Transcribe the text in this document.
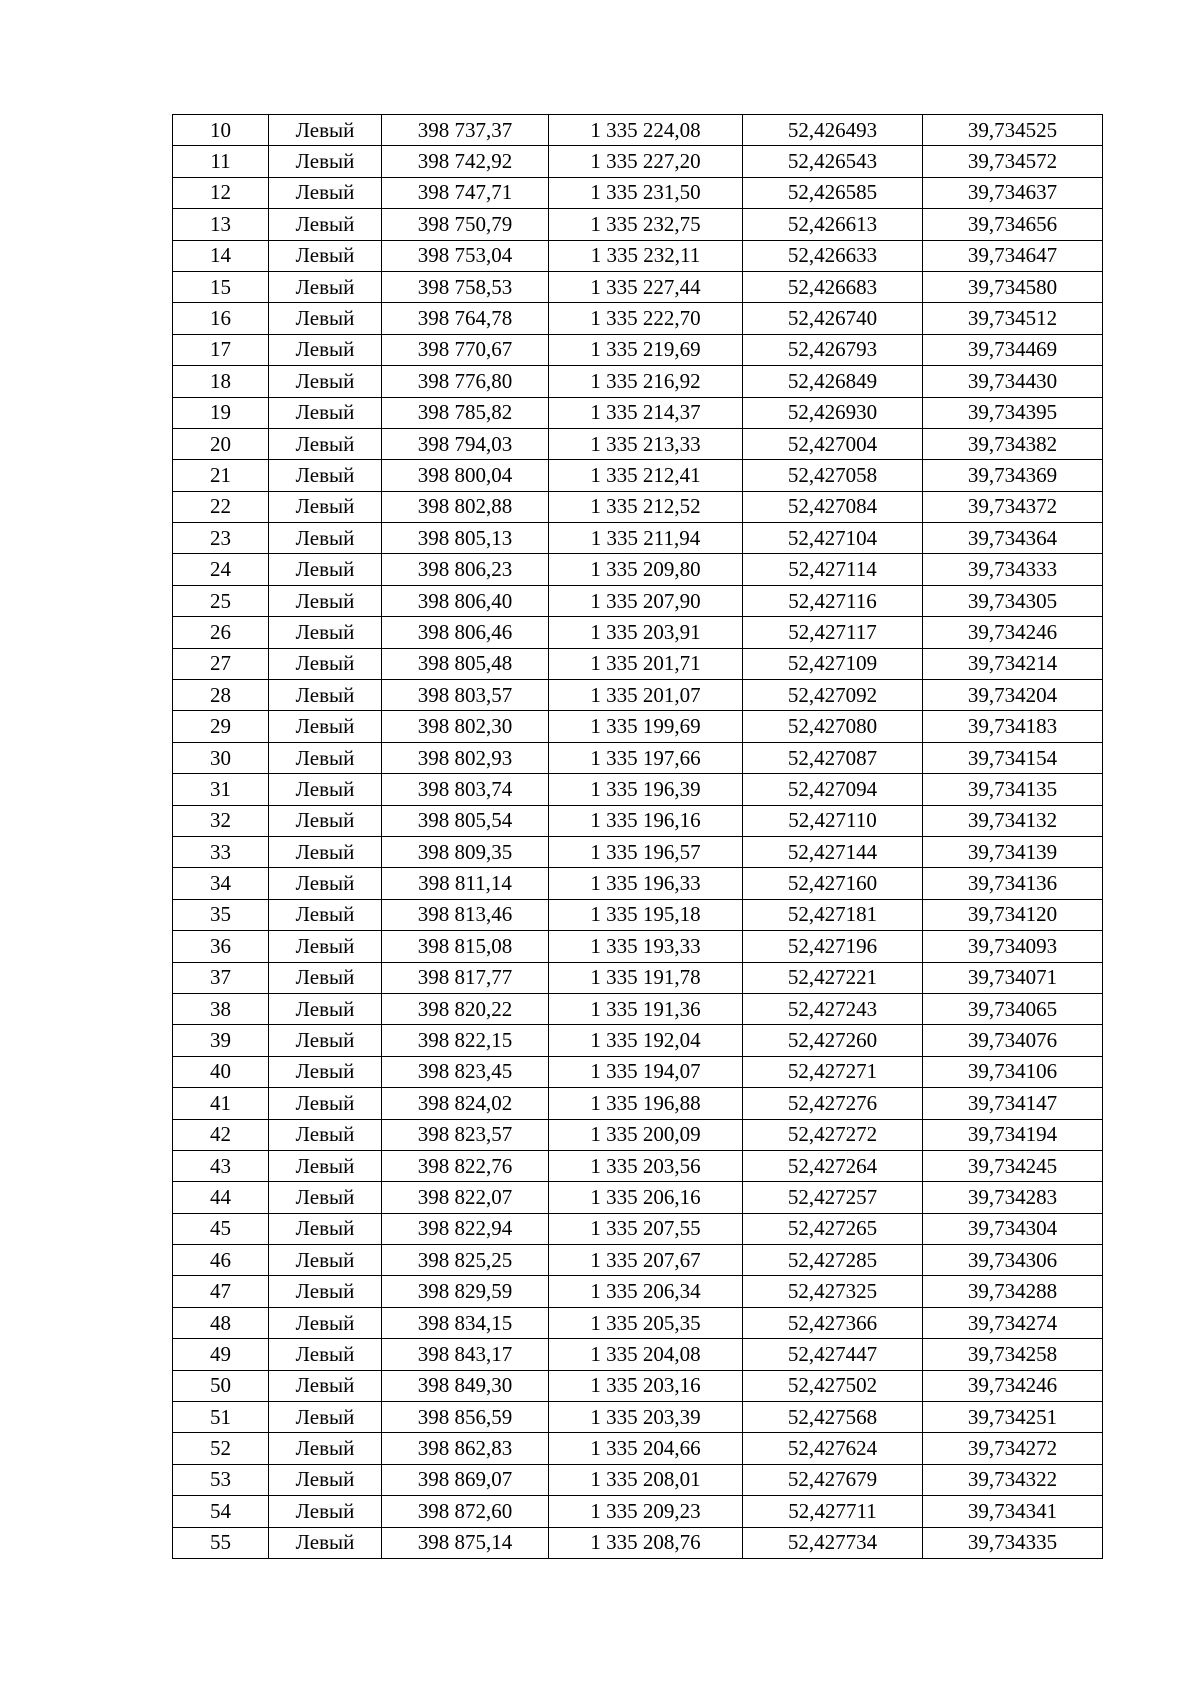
10	Левый	398 737,37	1 335 224,08	52,426493	39,734525
11	Левый	398 742,92	1 335 227,20	52,426543	39,734572
12	Левый	398 747,71	1 335 231,50	52,426585	39,734637
13	Левый	398 750,79	1 335 232,75	52,426613	39,734656
14	Левый	398 753,04	1 335 232,11	52,426633	39,734647
15	Левый	398 758,53	1 335 227,44	52,426683	39,734580
16	Левый	398 764,78	1 335 222,70	52,426740	39,734512
17	Левый	398 770,67	1 335 219,69	52,426793	39,734469
18	Левый	398 776,80	1 335 216,92	52,426849	39,734430
19	Левый	398 785,82	1 335 214,37	52,426930	39,734395
20	Левый	398 794,03	1 335 213,33	52,427004	39,734382
21	Левый	398 800,04	1 335 212,41	52,427058	39,734369
22	Левый	398 802,88	1 335 212,52	52,427084	39,734372
23	Левый	398 805,13	1 335 211,94	52,427104	39,734364
24	Левый	398 806,23	1 335 209,80	52,427114	39,734333
25	Левый	398 806,40	1 335 207,90	52,427116	39,734305
26	Левый	398 806,46	1 335 203,91	52,427117	39,734246
27	Левый	398 805,48	1 335 201,71	52,427109	39,734214
28	Левый	398 803,57	1 335 201,07	52,427092	39,734204
29	Левый	398 802,30	1 335 199,69	52,427080	39,734183
30	Левый	398 802,93	1 335 197,66	52,427087	39,734154
31	Левый	398 803,74	1 335 196,39	52,427094	39,734135
32	Левый	398 805,54	1 335 196,16	52,427110	39,734132
33	Левый	398 809,35	1 335 196,57	52,427144	39,734139
34	Левый	398 811,14	1 335 196,33	52,427160	39,734136
35	Левый	398 813,46	1 335 195,18	52,427181	39,734120
36	Левый	398 815,08	1 335 193,33	52,427196	39,734093
37	Левый	398 817,77	1 335 191,78	52,427221	39,734071
38	Левый	398 820,22	1 335 191,36	52,427243	39,734065
39	Левый	398 822,15	1 335 192,04	52,427260	39,734076
40	Левый	398 823,45	1 335 194,07	52,427271	39,734106
41	Левый	398 824,02	1 335 196,88	52,427276	39,734147
42	Левый	398 823,57	1 335 200,09	52,427272	39,734194
43	Левый	398 822,76	1 335 203,56	52,427264	39,734245
44	Левый	398 822,07	1 335 206,16	52,427257	39,734283
45	Левый	398 822,94	1 335 207,55	52,427265	39,734304
46	Левый	398 825,25	1 335 207,67	52,427285	39,734306
47	Левый	398 829,59	1 335 206,34	52,427325	39,734288
48	Левый	398 834,15	1 335 205,35	52,427366	39,734274
49	Левый	398 843,17	1 335 204,08	52,427447	39,734258
50	Левый	398 849,30	1 335 203,16	52,427502	39,734246
51	Левый	398 856,59	1 335 203,39	52,427568	39,734251
52	Левый	398 862,83	1 335 204,66	52,427624	39,734272
53	Левый	398 869,07	1 335 208,01	52,427679	39,734322
54	Левый	398 872,60	1 335 209,23	52,427711	39,734341
55	Левый	398 875,14	1 335 208,76	52,427734	39,734335
